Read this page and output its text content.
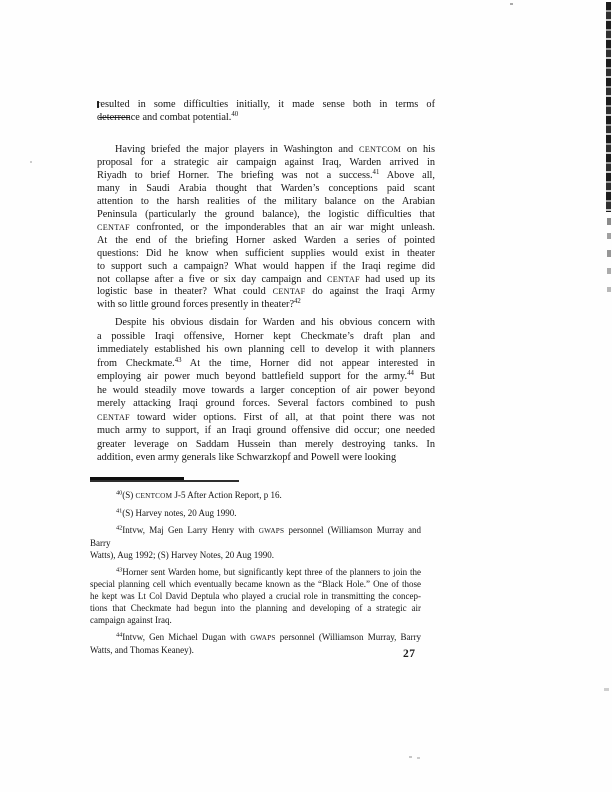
resulted in some difficulties initially, it made sense both in terms of
deterrence and combat potential.$^{40}$
Having briefed the major players in Washington and CENTCOM on his
proposal for a strategic air campaign against Iraq, Warden arrived in
Riyadh to brief Horner. The briefing was not a success.$^{41}$ Above all,
many in Saudi Arabia thought that Warden’s conceptions paid scant
attention to the harsh realities of the military balance on the Arabian
Peninsula (particularly the ground balance), the logistic difficulties that
CENTAF confronted, or the imponderables that an air war might unleash.
At the end of the briefing Horner asked Warden a series of pointed
questions: Did he know when sufficient supplies would exist in theater
to support such a campaign? What would happen if the Iraqi regime did
not collapse after a five or six day campaign and CENTAF had used up its
logistic base in theater? What could CENTAF do against the Iraqi Army
with so little ground forces presently in theater?$^{42}$
Despite his obvious disdain for Warden and his obvious concern with
a possible Iraqi offensive, Horner kept Checkmate’s draft plan and
immediately established his own planning cell to develop it with planners
from Checkmate.$^{43}$ At the time, Horner did not appear interested in
employing air power much beyond battlefield support for the army.$^{44}$ But
he would steadily move towards a larger conception of air power beyond
merely attacking Iraqi ground forces. Several factors combined to push
CENTAF toward wider options. First of all, at that point there was not
much army to support, if an Iraqi ground offensive did occur; one needed
greater leverage on Saddam Hussein than merely destroying tanks. In
addition, even army generals like Schwarzkopf and Powell were looking
$^{40}$(S) CENTCOM J-5 After Action Report, p 16.
$^{41}$(S) Harvey notes, 20 Aug 1990.
$^{42}$Intvw, Maj Gen Larry Henry with GWAPS personnel (Williamson Murray and Barry
Watts), Aug 1992; (S) Harvey Notes, 20 Aug 1990.
$^{43}$Horner sent Warden home, but significantly kept three of the planners to join the
special planning cell which eventually became known as the “Black Hole.” One of those
he kept was Lt Col David Deptula who played a crucial role in transmitting the concep-
tions that Checkmate had begun into the planning and developing of a strategic air
campaign against Iraq.
$^{44}$Intvw, Gen Michael Dugan with GWAPS personnel (Williamson Murray, Barry
Watts, and Thomas Keaney).	27
